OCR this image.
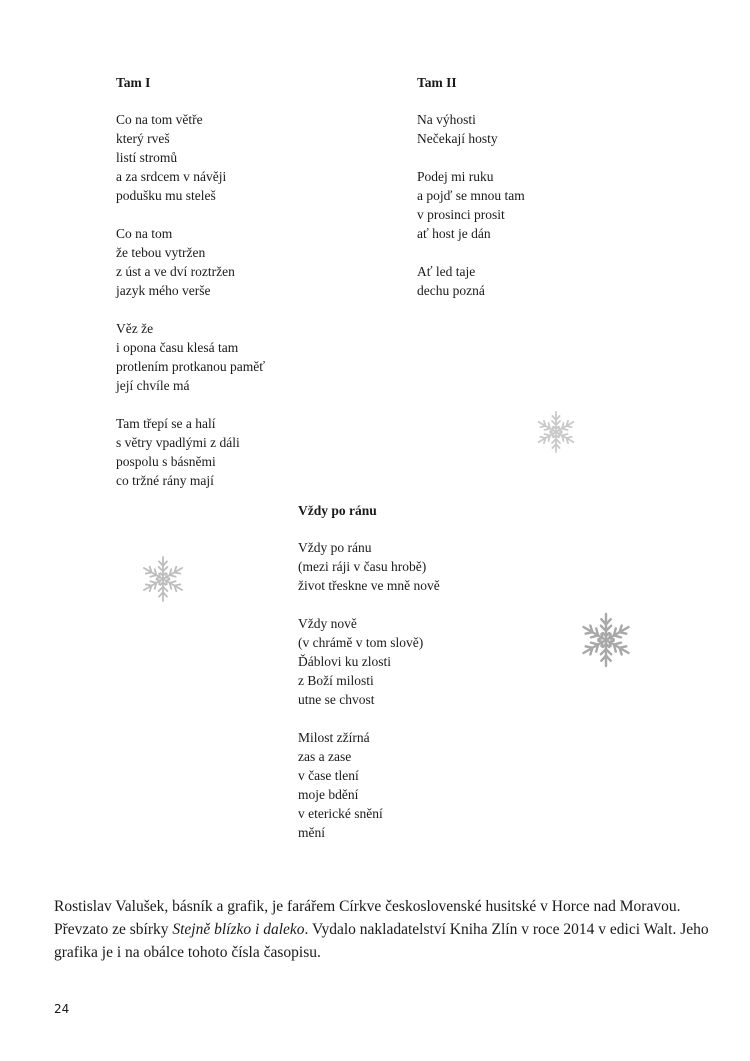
Tam I
Co na tom větře
který rveš
listí stromů
a za srdcem v návěji
podušku mu steleš
Co na tom
že tebou vytržen
z úst a ve dví roztržen
jazyk mého verše
Věz že
i opona času klesá tam
protlením protkanou paměť
její chvíle má
Tam třepí se a halí
s větry vpadlými z dáli
pospolu s básněmi
co tržné rány mají
Tam II
Na výhosti
Nečekají hosty
Podej mi ruku
a pojď se mnou tam
v prosinci prosit
ať host je dán
Ať led taje
dechu pozná
Vždy po ránu
Vždy po ránu
(mezi ráji v času hrobě)
život třeskne ve mně nově
Vždy nově
(v chrámě v tom slově)
Ďáblovi ku zlosti
z Boží milosti
utne se chvost
Milost zžírná
zas a zase
v čase tlení
moje bdění
v eterické snění
mění
Rostislav Valušek, básník a grafik, je farářem Církve československé husitské v Horce nad Moravou. Převzato ze sbírky Stejně blízko i daleko. Vydalo nakladatelství Kniha Zlín v roce 2014 v edici Walt. Jeho grafika je i na obálce tohoto čísla časopisu.
24
